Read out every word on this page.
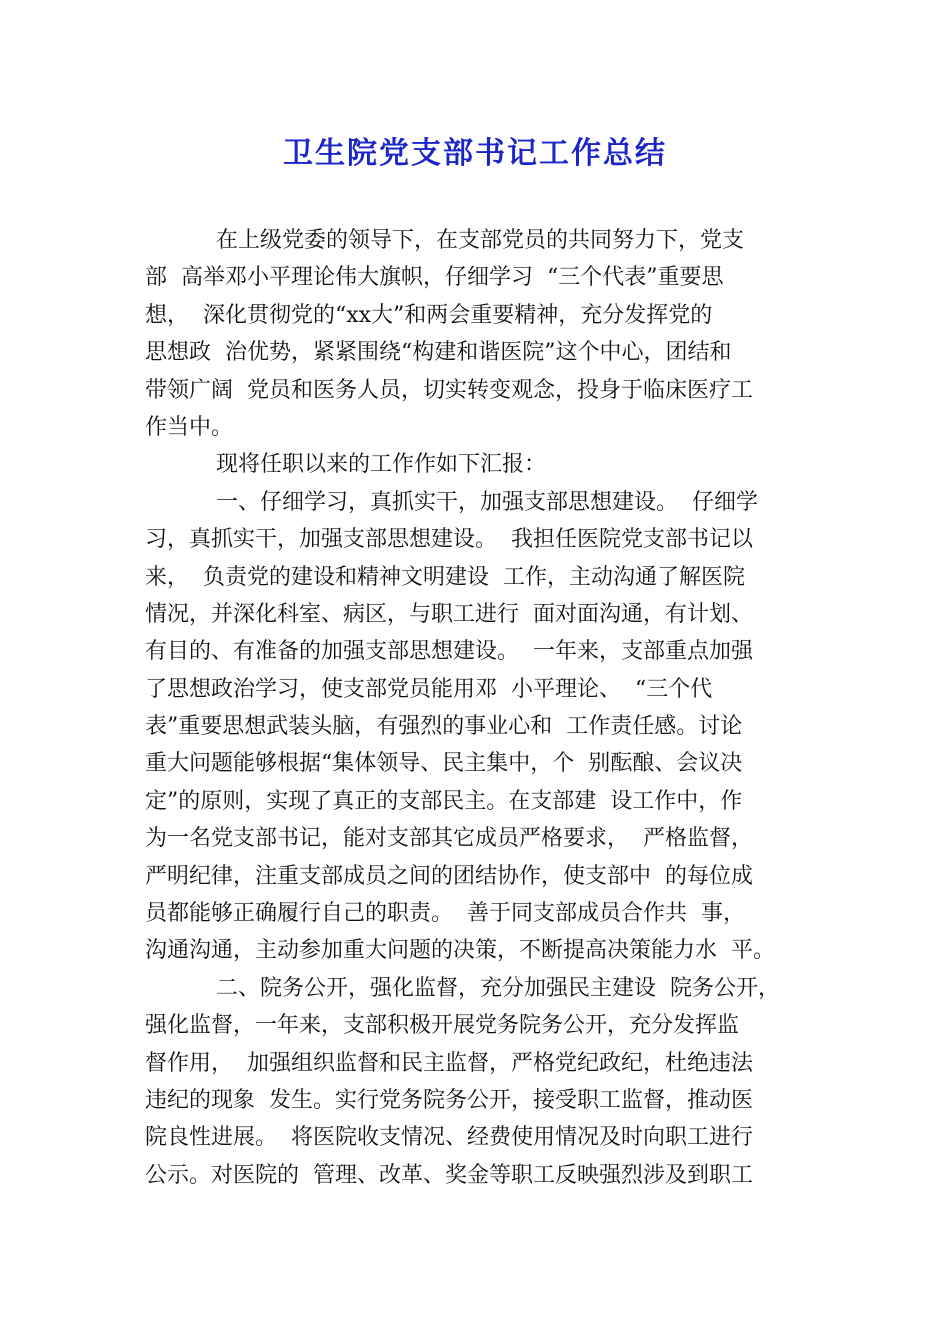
卫生院党支部书记工作总结
在上级党委的领导下，在支部党员的共同努力下，党支
部  高举邓小平理论伟大旗帜，仔细学习  “三个代表”重要思
想，  深化贯彻党的“xx大”和两会重要精神，充分发挥党的
思想政  治优势，紧紧围绕“构建和谐医院”这个中心，团结和
带领广阔  党员和医务人员，切实转变观念，投身于临床医疗工
作当中。
现将任职以来的工作作如下汇报：
一、仔细学习，真抓实干，加强支部思想建设。  仔细学
习，真抓实干，加强支部思想建设。  我担任医院党支部书记以
来，  负责党的建设和精神文明建设  工作，主动沟通了解医院
情况，并深化科室、病区，与职工进行  面对面沟通，有计划、
有目的、有准备的加强支部思想建设。  一年来，支部重点加强
了思想政治学习，使支部党员能用邓  小平理论、  “三个代
表”重要思想武装头脑，有强烈的事业心和  工作责任感。讨论
重大问题能够根据“集体领导、民主集中，个  别酝酿、会议决
定”的原则，实现了真正的支部民主。在支部建  设工作中，作
为一名党支部书记，能对支部其它成员严格要求，  严格监督，
严明纪律，注重支部成员之间的团结协作，使支部中  的每位成
员都能够正确履行自己的职责。  善于同支部成员合作共  事，
沟通沟通，主动参加重大问题的决策，不断提高决策能力水  平。
二、院务公开，强化监督，充分加强民主建设  院务公开，
强化监督，一年来，支部积极开展党务院务公开，充分发挥监
督作用，  加强组织监督和民主监督，严格党纪政纪，杜绝违法
违纪的现象  发生。实行党务院务公开，接受职工监督，推动医
院良性进展。  将医院收支情况、经费使用情况及时向职工进行
公示。对医院的  管理、改革、奖金等职工反映强烈涉及到职工
